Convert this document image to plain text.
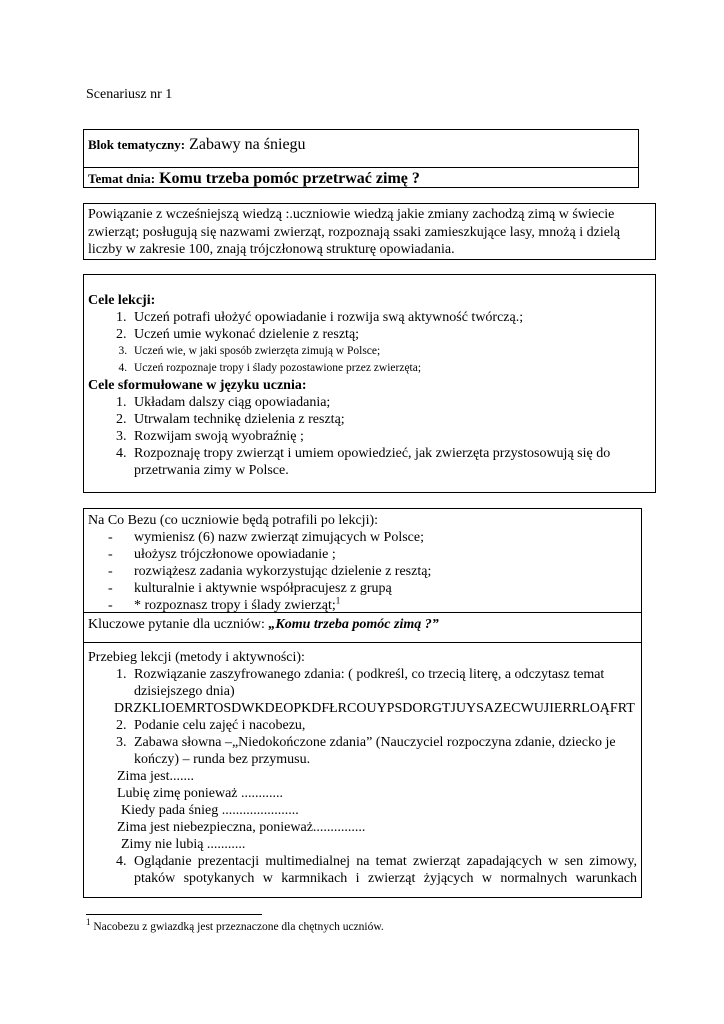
Scenariusz nr 1
Blok tematyczny: Zabawy na śniegu
Temat dnia: Komu trzeba pomóc przetrwać zimę ?
Powiązanie z wcześniejszą wiedzą :.uczniowie wiedzą jakie zmiany zachodzą zimą w świecie zwierząt; posługują się nazwami zwierząt, rozpoznają ssaki zamieszkujące lasy, mnożą i dzielą liczby w zakresie 100, znają trójczłonową strukturę opowiadania.
Cele lekcji:
1. Uczeń potrafi ułożyć opowiadanie i rozwija swą aktywność twórczą.;
2. Uczeń umie wykonać dzielenie z resztą;
3. Uczeń wie, w jaki sposób zwierzęta zimują w Polsce;
4. Uczeń rozpoznaje tropy i ślady pozostawione przez zwierzęta;
Cele sformułowane w języku ucznia:
1. Układam dalszy ciąg opowiadania;
2. Utrwalam technikę dzielenia z resztą;
3. Rozwijam swoją wyobraźnię ;
4. Rozpoznaję tropy zwierząt i umiem opowiedzieć, jak zwierzęta przystosowują się do przetrwania zimy w Polsce.
Na Co Bezu (co uczniowie będą potrafili po lekcji):
- wymienisz (6) nazw zwierząt zimujących w Polsce;
- ułożysz trójczłonowe opowiadanie ;
- rozwiążesz zadania wykorzystując dzielenie z resztą;
- kulturalnie i aktywnie współpracujesz z grupą
- * rozpoznasz tropy i ślady zwierząt;$^1$
Kluczowe pytanie dla uczniów: „Komu trzeba pomóc zimą ?”
Przebieg lekcji (metody i aktywności):
1. Rozwiązanie zaszyfrowanego zdania: ( podkreśl, co trzecią literę, a odczytasz temat dzisiejszego dnia)
DRZKLIOEMRTOSDWKDEOPKDFŁRCOUYPSDORGTJUYSAZECWUJIERRLOĄFRT
2. Podanie celu zajęć i nacobezu,
3. Zabawa słowna –„Niedokończone zdania” (Nauczyciel rozpoczyna zdanie, dziecko je kończy) – runda bez przymusu.
Zima jest.......
Lubię zimę ponieważ ............
Kiedy pada śnieg ......................
Zima jest niebezpieczna, ponieważ...............
Zimy nie lubią ...........
4. Oglądanie prezentacji multimedialnej na temat zwierząt zapadających w sen zimowy,
ptaków spotykanych w karmnikach i zwierząt żyjących w normalnych warunkach
$^1$ Nacobezu z gwiazdką jest przeznaczone dla chętnych uczniów.
